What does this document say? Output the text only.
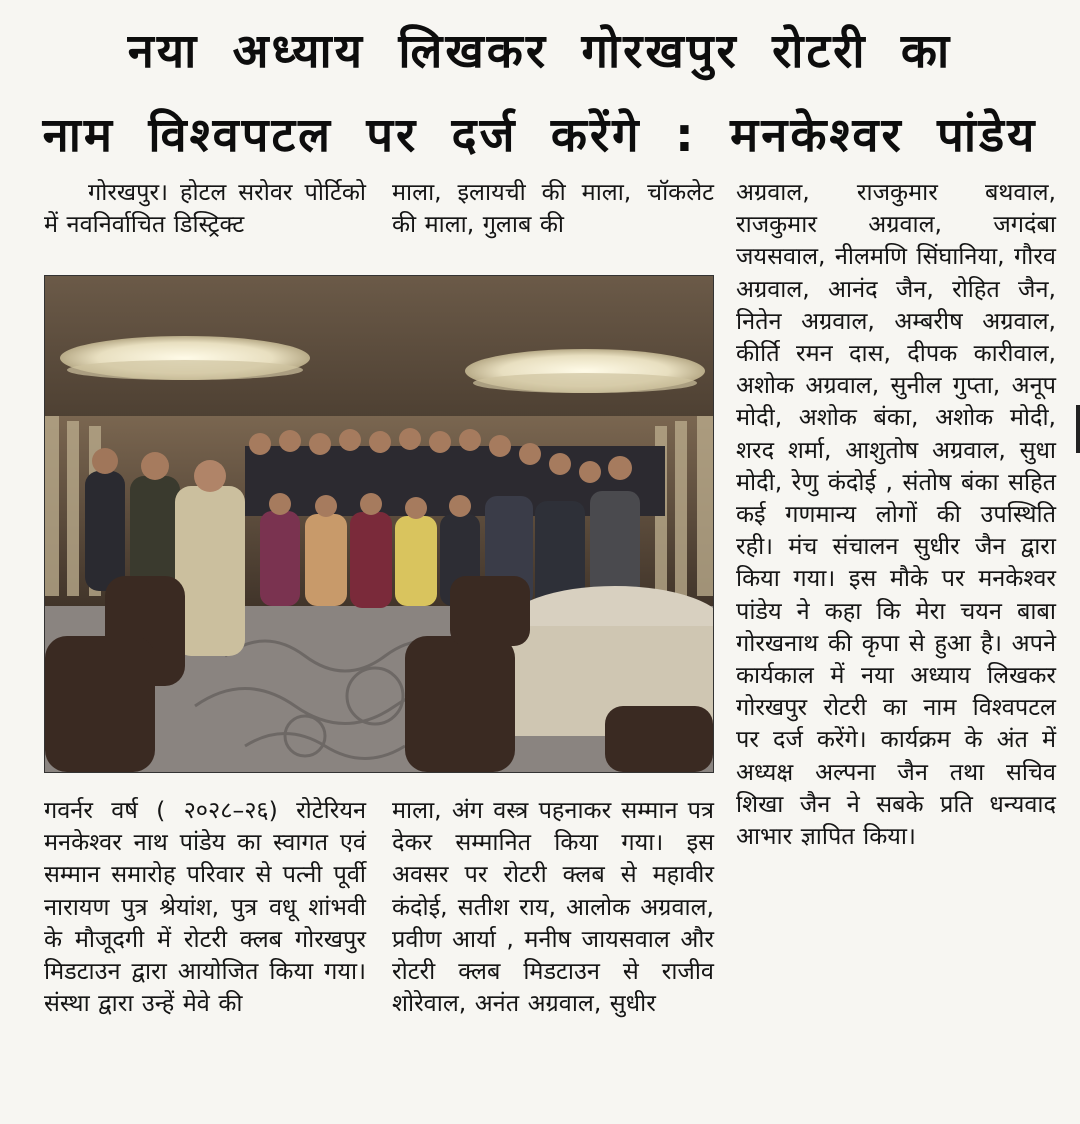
नया अध्याय लिखकर गोरखपुर रोटरी का
नाम विश्वपटल पर दर्ज करेंगे : मनकेश्वर पांडेय

गोरखपुर। होटल सरोवर पोर्टिको में नवनिर्वाचित डिस्ट्रिक्ट

माला, इलायची की माला, चॉकलेट की माला, गुलाब की

अग्रवाल, राजकुमार बथवाल, राजकुमार अग्रवाल, जगदंबा जयसवाल, नीलमणि सिंघानिया, गौरव अग्रवाल, आनंद जैन, रोहित जैन, नितेन अग्रवाल, अम्बरीष अग्रवाल, कीर्ति रमन दास, दीपक कारीवाल, अशोक अग्रवाल, सुनील गुप्ता, अनूप मोदी, अशोक बंका, अशोक मोदी, शरद शर्मा, आशुतोष अग्रवाल, सुधा मोदी, रेणु कंदोई , संतोष बंका सहित कई गणमान्य लोगों की उपस्थिति रही। मंच संचालन सुधीर जैन द्वारा किया गया। इस मौके पर मनकेश्वर पांडेय ने कहा कि मेरा चयन बाबा गोरखनाथ की कृपा से हुआ है। अपने कार्यकाल में नया अध्याय लिखकर गोरखपुर रोटरी का नाम विश्वपटल पर दर्ज करेंगे। कार्यक्रम के अंत में अध्यक्ष अल्पना जैन तथा सचिव शिखा जैन ने सबके प्रति धन्यवाद आभार ज्ञापित किया।

गवर्नर वर्ष ( २०२८–२६) रोटेरियन मनकेश्वर नाथ पांडेय का स्वागत एवं सम्मान समारोह परिवार से पत्नी पूर्वी नारायण पुत्र श्रेयांश, पुत्र वधू शांभवी के मौजूदगी में रोटरी क्लब गोरखपुर मिडटाउन द्वारा आयोजित किया गया।संस्था द्वारा उन्हें मेवे की

माला, अंग वस्त्र पहनाकर सम्मान पत्र देकर सम्मानित किया गया। इस अवसर पर रोटरी क्लब से महावीर कंदोई, सतीश राय, आलोक अग्रवाल, प्रवीण आर्या , मनीष जायसवाल और रोटरी क्लब मिडटाउन से राजीव शोरेवाल, अनंत अग्रवाल, सुधीर
